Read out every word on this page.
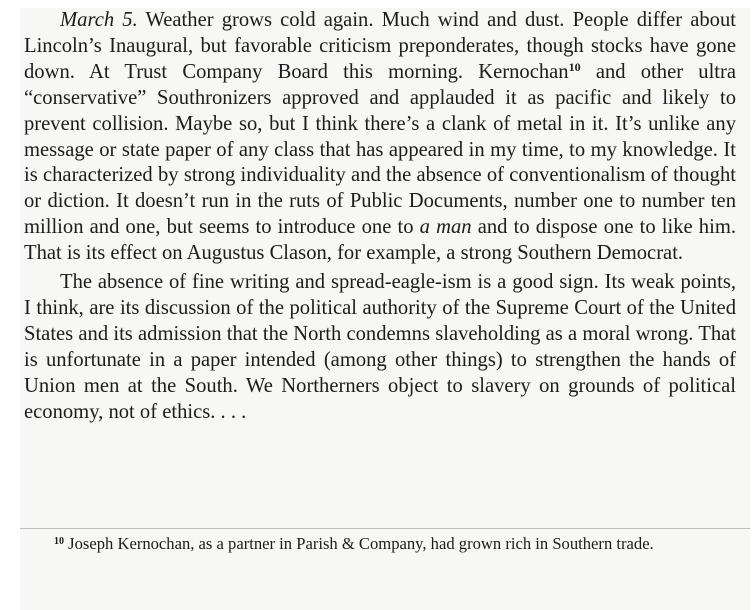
March 5. Weather grows cold again. Much wind and dust. People differ about Lincoln’s Inaugural, but favorable criticism preponderates, though stocks have gone down. At Trust Company Board this morning. Kernochan$^{10}$ and other ultra “conservative” Southronizers approved and applauded it as pacific and likely to prevent collision. Maybe so, but I think there’s a clank of metal in it. It’s unlike any message or state paper of any class that has appeared in my time, to my knowledge. It is characterized by strong individuality and the absence of conventionalism of thought or diction. It doesn’t run in the ruts of Public Documents, number one to number ten million and one, but seems to introduce one to a man and to dispose one to like him. That is its effect on Augustus Clason, for example, a strong Southern Democrat.

The absence of fine writing and spread-eagle-ism is a good sign. Its weak points, I think, are its discussion of the political authority of the Supreme Court of the United States and its admission that the North condemns slaveholding as a moral wrong. That is unfortunate in a paper intended (among other things) to strengthen the hands of Union men at the South. We Northerners object to slavery on grounds of political economy, not of ethics. . . .

$^{10}$ Joseph Kernochan, as a partner in Parish & Company, had grown rich in Southern trade.
